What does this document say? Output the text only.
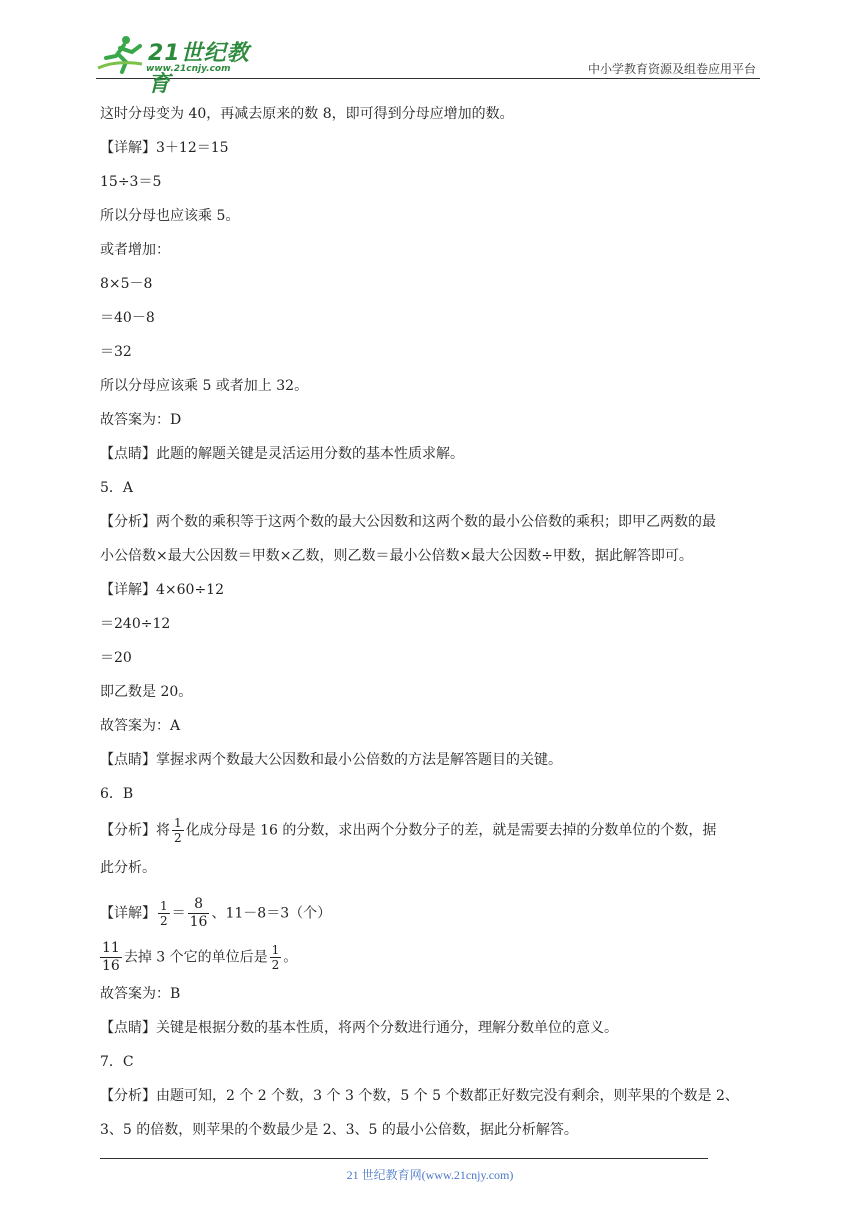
21世纪教育
www.21cnjy.com	中小学教育资源及组卷应用平台
这时分母变为 40，再减去原来的数 8，即可得到分母应增加的数。
【详解】3＋12＝15
15÷3＝5
所以分母也应该乘 5。
或者增加：
8×5－8
＝40－8
＝32
所以分母应该乘 5 或者加上 32。
故答案为：D
【点睛】此题的解题关键是灵活运用分数的基本性质求解。
5．A
【分析】两个数的乘积等于这两个数的最大公因数和这两个数的最小公倍数的乘积；即甲乙两数的最
小公倍数×最大公因数＝甲数×乙数，则乙数＝最小公倍数×最大公因数÷甲数，据此解答即可。
【详解】4×60÷12
＝240÷12
＝20
即乙数是 20。
故答案为：A
【点睛】掌握求两个数最大公因数和最小公倍数的方法是解答题目的关键。
6．B
【分析】将 $\frac{1}{2}$ 化成分母是 16 的分数，求出两个分数分子的差，就是需要去掉的分数单位的个数，据
此分析。
【详解】 $\frac{1}{2} = \frac{8}{16}$ 、11－8＝3（个）
$\frac{11}{16}$ 去掉 3 个它的单位后是 $\frac{1}{2}$ 。
故答案为：B
【点睛】关键是根据分数的基本性质，将两个分数进行通分，理解分数单位的意义。
7．C
【分析】由题可知，2 个 2 个数，3 个 3 个数，5 个 5 个数都正好数完没有剩余，则苹果的个数是 2、
3、5 的倍数，则苹果的个数最少是 2、3、5 的最小公倍数，据此分析解答。
21 世纪教育网(www.21cnjy.com)
